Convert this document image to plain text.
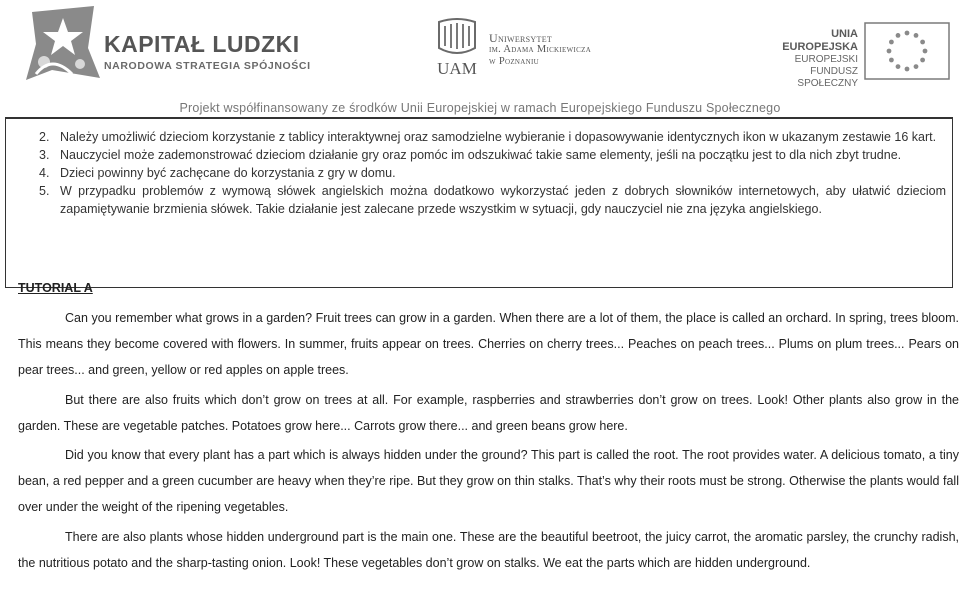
KAPITAŁ LUDZKI
NARODOWA STRATEGIA SPÓJNOŚCI	UAM
Uniwersytet
im. Adama Mickiewicza
w Poznaniu
UNIA EUROPEJSKA
EUROPEJSKI
FUNDUSZ SPOŁECZNY
Projekt współfinansowany ze środków Unii Europejskiej w ramach Europejskiego Funduszu Społecznego
2. Należy umożliwić dzieciom korzystanie z tablicy interaktywnej oraz samodzielne wybieranie i dopasowywanie identycznych ikon w ukazanym zestawie 16 kart.
3. Nauczyciel może zademonstrować dzieciom działanie gry oraz pomóc im odszukiwać takie same elementy, jeśli na początku jest to dla nich zbyt trudne.
4. Dzieci powinny być zachęcane do korzystania z gry w domu.
5. W przypadku problemów z wymową słówek angielskich można dodatkowo wykorzystać jeden z dobrych słowników internetowych, aby ułatwić dzieciom zapamiętywanie brzmienia słówek. Takie działanie jest zalecane przede wszystkim w sytuacji, gdy nauczyciel nie zna języka angielskiego.
TUTORIAL A

Can you remember what grows in a garden? Fruit trees can grow in a garden. When there are a lot of them, the place is called an orchard. In spring, trees bloom. This means they become covered with flowers. In summer, fruits appear on trees. Cherries on cherry trees... Peaches on peach trees... Plums on plum trees... Pears on pear trees... and green, yellow or red apples on apple trees.

But there are also fruits which don’t grow on trees at all. For example, raspberries and strawberries don’t grow on trees. Look! Other plants also grow in the garden. These are vegetable patches. Potatoes grow here... Carrots grow there... and green beans grow here.

Did you know that every plant has a part which is always hidden under the ground? This part is called the root. The root provides water. A delicious tomato, a tiny bean, a red pepper and a green cucumber are heavy when they’re ripe. But they grow on thin stalks. That’s why their roots must be strong. Otherwise the plants would fall over under the weight of the ripening vegetables.

There are also plants whose hidden underground part is the main one. These are the beautiful beetroot, the juicy carrot, the aromatic parsley, the crunchy radish, the nutritious potato and the sharp-tasting onion. Look! These vegetables don’t grow on stalks. We eat the parts which are hidden underground.
